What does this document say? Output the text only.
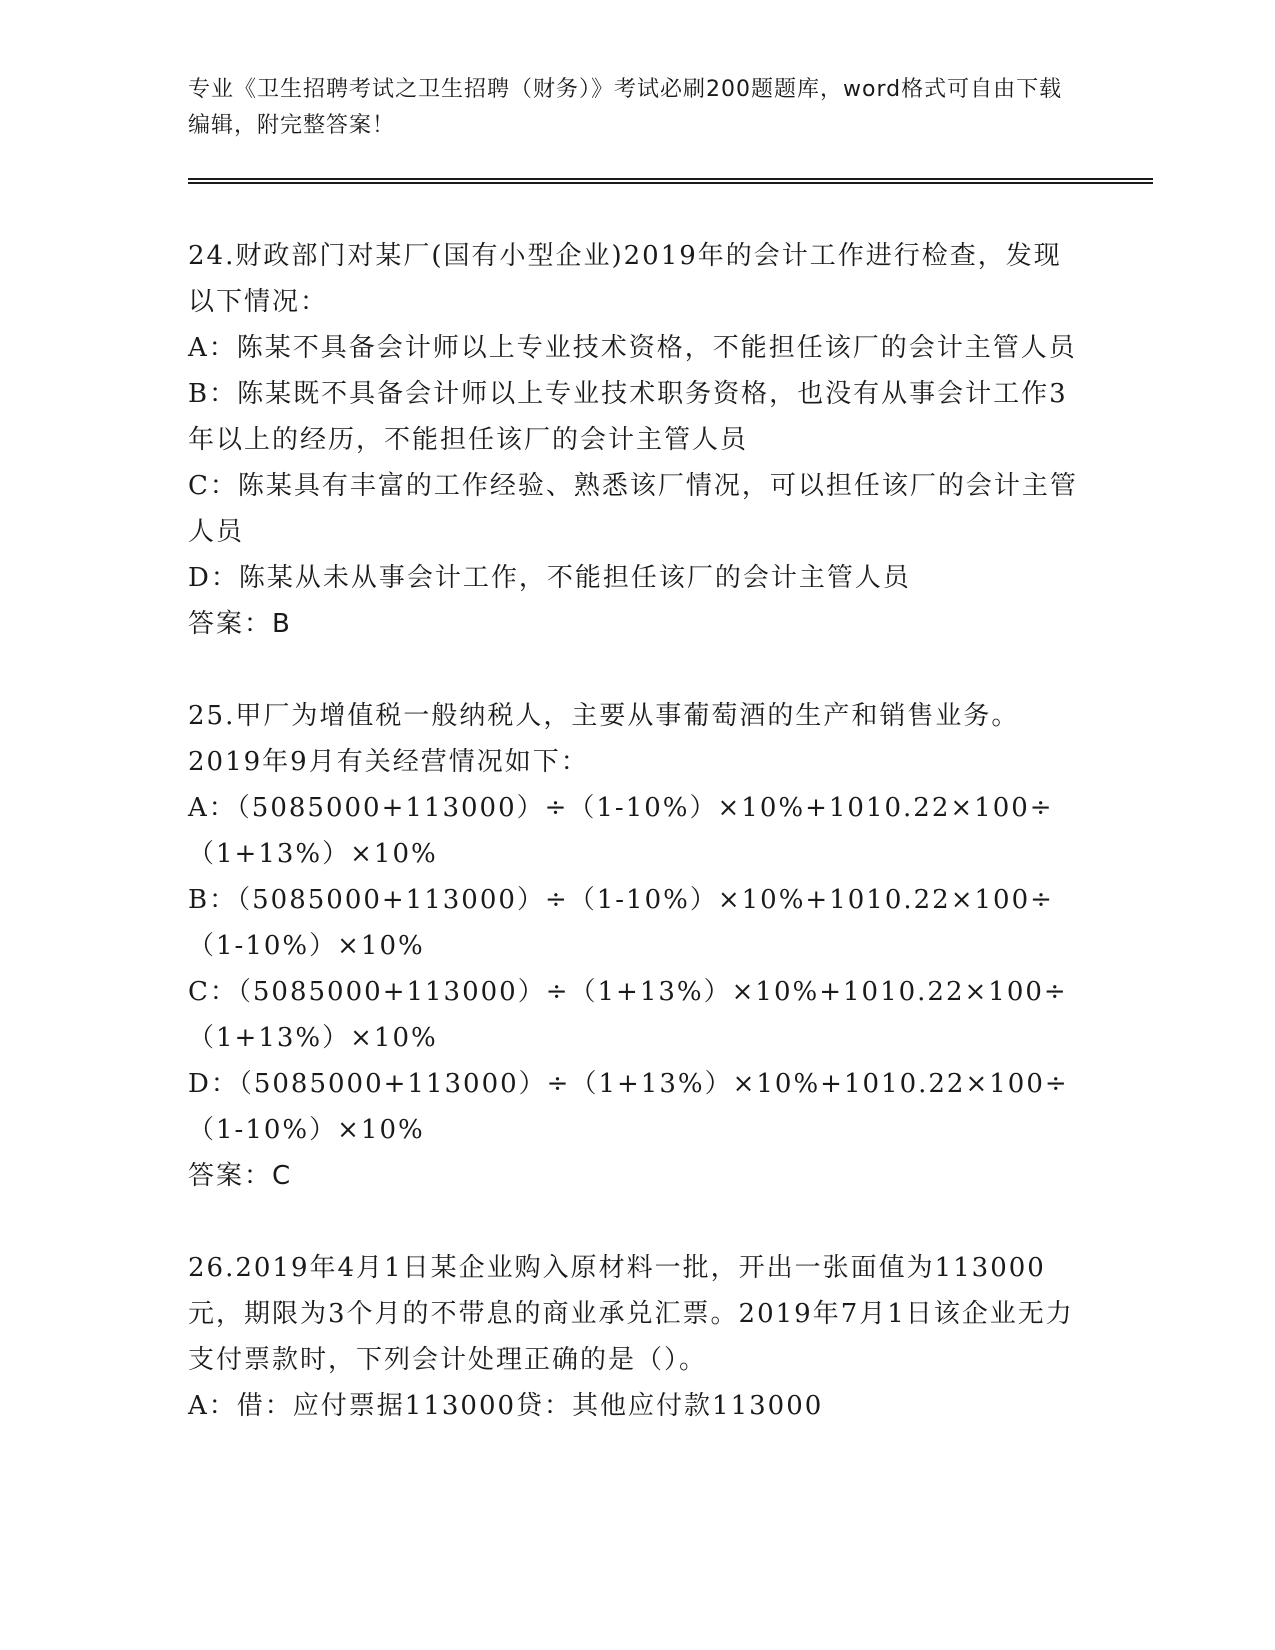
专业《卫生招聘考试之卫生招聘（财务）》考试必刷200题题库，word格式可自由下载编辑，附完整答案！

24.财政部门对某厂(国有小型企业)2019年的会计工作进行检查，发现以下情况：

A：陈某不具备会计师以上专业技术资格，不能担任该厂的会计主管人员

B：陈某既不具备会计师以上专业技术职务资格，也没有从事会计工作3年以上的经历，不能担任该厂的会计主管人员

C：陈某具有丰富的工作经验、熟悉该厂情况，可以担任该厂的会计主管人员

D：陈某从未从事会计工作，不能担任该厂的会计主管人员

答案：B

25.甲厂为增值税一般纳税人，主要从事葡萄酒的生产和销售业务。2019年9月有关经营情况如下：

A：（5085000+113000）÷（1-10%）×10%+1010.22×100÷（1+13%）×10%

B：（5085000+113000）÷（1-10%）×10%+1010.22×100÷（1-10%）×10%

C：（5085000+113000）÷（1+13%）×10%+1010.22×100÷（1+13%）×10%

D：（5085000+113000）÷（1+13%）×10%+1010.22×100÷（1-10%）×10%

答案：C

26.2019年4月1日某企业购入原材料一批，开出一张面值为113000元，期限为3个月的不带息的商业承兑汇票。2019年7月1日该企业无力支付票款时，下列会计处理正确的是（）。

A：借：应付票据113000贷：其他应付款113000
